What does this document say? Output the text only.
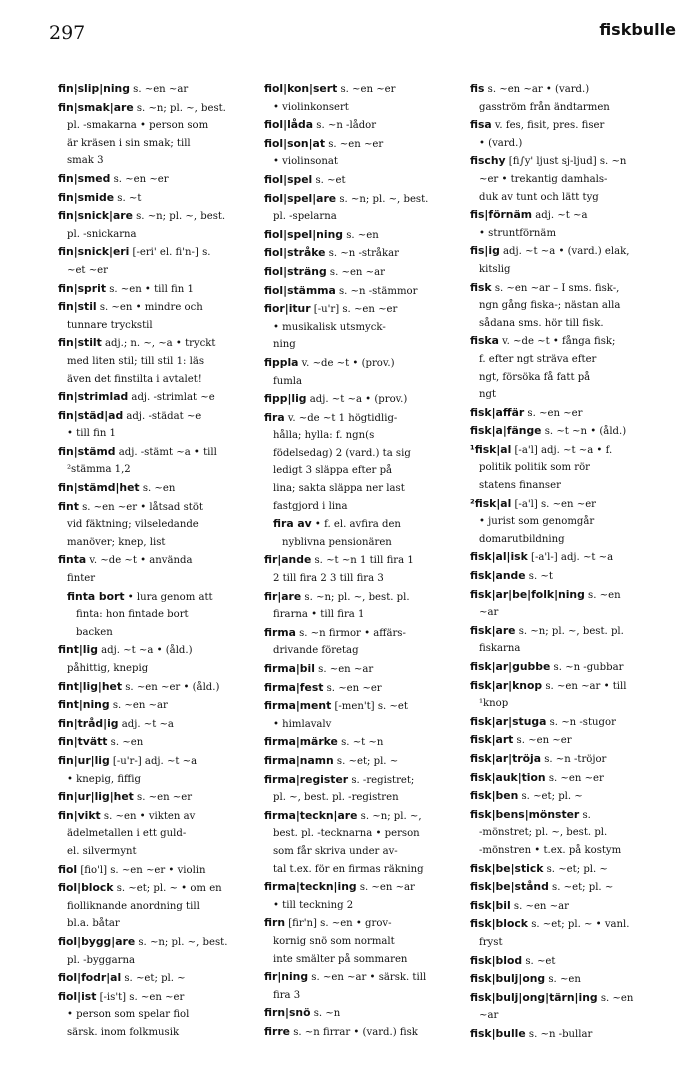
297	fiskbulle
fin|slip|ning s. ~en ~ar
fin|smak|are s. ~n; pl. ~, best.
pl. -smakarna • person som
är kräsen i sin smak; till
smak 3
fin|smed s. ~en ~er
fin|smide s. ~t
fin|snick|are s. ~n; pl. ~, best.
pl. -snickarna
fin|snick|eri [-eri' el. fi'n-] s.
~et ~er
fin|sprit s. ~en • till fin 1
fin|stil s. ~en • mindre och
tunnare tryckstil
fin|stilt adj.; n. ~, ~a • tryckt
med liten stil; till stil 1: läs
även det finstilta i avtalet!
fin|strimlad adj. -strimlat ~e
fin|städ|ad adj. -städat ~e
• till fin 1
fin|stämd adj. -stämt ~a • till
²stämma 1,2
fin|stämd|het s. ~en
fint s. ~en ~er • låtsad stöt
vid fäktning; vilseledande
manöver; knep, list
finta v. ~de ~t • använda
finter
finta bort • lura genom att
finta: hon fintade bort
backen
fint|lig adj. ~t ~a • (åld.)
påhittig, knepig
fint|lig|het s. ~en ~er • (åld.)
fint|ning s. ~en ~ar
fin|tråd|ig adj. ~t ~a
fin|tvätt s. ~en
fin|ur|lig [-u'r-] adj. ~t ~a
• knepig, fiffig
fin|ur|lig|het s. ~en ~er
fin|vikt s. ~en • vikten av
ädelmetallen i ett guld-
el. silvermynt
fiol [fio'l] s. ~en ~er • violin
fiol|block s. ~et; pl. ~ • om en
fiolliknande anordning till
bl.a. båtar
fiol|bygg|are s. ~n; pl. ~, best.
pl. -byggarna
fiol|fodr|al s. ~et; pl. ~
fiol|ist [-is't] s. ~en ~er
• person som spelar fiol
särsk. inom folkmusik
fiol|kon|sert s. ~en ~er
• violinkonsert
fiol|låda s. ~n -lådor
fiol|son|at s. ~en ~er
• violinsonat
fiol|spel s. ~et
fiol|spel|are s. ~n; pl. ~, best.
pl. -spelarna
fiol|spel|ning s. ~en
fiol|stråke s. ~n -stråkar
fiol|sträng s. ~en ~ar
fiol|stämma s. ~n -stämmor
fior|itur [-u'r] s. ~en ~er
• musikalisk utsmyck-
ning
fippla v. ~de ~t • (prov.)
fumla
fipp|lig adj. ~t ~a • (prov.)
fira v. ~de ~t 1 högtidlig-
hålla; hylla: f. ngn(s
födelsedag) 2 (vard.) ta sig
ledigt 3 släppa efter på
lina; sakta släppa ner last
fastgjord i lina
fira av • f. el. avfira den
nyblivna pensionären
fir|ande s. ~t ~n 1 till fira 1
2 till fira 2 3 till fira 3
fir|are s. ~n; pl. ~, best. pl.
firarna • till fira 1
firma s. ~n firmor • affärs-
drivande företag
firma|bil s. ~en ~ar
firma|fest s. ~en ~er
firma|ment [-men't] s. ~et
• himlavalv
firma|märke s. ~t ~n
firma|namn s. ~et; pl. ~
firma|register s. -registret;
pl. ~, best. pl. -registren
firma|teckn|are s. ~n; pl. ~,
best. pl. -tecknarna • person
som får skriva under av-
tal t.ex. för en firmas räkning
firma|teckn|ing s. ~en ~ar
• till teckning 2
firn [fir'n] s. ~en • grov-
kornig snö som normalt
inte smälter på sommaren
fir|ning s. ~en ~ar • särsk. till
fira 3
firn|snö s. ~n
firre s. ~n firrar • (vard.) fisk
fis s. ~en ~ar • (vard.)
gasström från ändtarmen
fisa v. fes, fisit, pres. fiser
• (vard.)
fischy [fi∫y' ljust sj-ljud] s. ~n
~er • trekantig damhals-
duk av tunt och lätt tyg
fis|förnäm adj. ~t ~a
• struntförnäm
fis|ig adj. ~t ~a • (vard.) elak,
kitslig
fisk s. ~en ~ar – I sms. fisk-,
ngn gång fiska-; nästan alla
sådana sms. hör till fisk.
fiska v. ~de ~t • fånga fisk;
f. efter ngt sträva efter
ngt, försöka få fatt på
ngt
fisk|affär s. ~en ~er
fisk|a|fänge s. ~t ~n • (åld.)
¹fisk|al [-a'l] adj. ~t ~a • f.
politik politik som rör
statens finanser
²fisk|al [-a'l] s. ~en ~er
• jurist som genomgår
domarutbildning
fisk|al|isk [-a'l-] adj. ~t ~a
fisk|ande s. ~t
fisk|ar|be|folk|ning s. ~en
~ar
fisk|are s. ~n; pl. ~, best. pl.
fiskarna
fisk|ar|gubbe s. ~n -gubbar
fisk|ar|knop s. ~en ~ar • till
¹knop
fisk|ar|stuga s. ~n -stugor
fisk|art s. ~en ~er
fisk|ar|tröja s. ~n -tröjor
fisk|auk|tion s. ~en ~er
fisk|ben s. ~et; pl. ~
fisk|bens|mönster s.
-mönstret; pl. ~, best. pl.
-mönstren • t.ex. på kostym
fisk|be|stick s. ~et; pl. ~
fisk|be|stånd s. ~et; pl. ~
fisk|bil s. ~en ~ar
fisk|block s. ~et; pl. ~ • vanl.
fryst
fisk|blod s. ~et
fisk|bulj|ong s. ~en
fisk|bulj|ong|tärn|ing s. ~en
~ar
fisk|bulle s. ~n -bullar
